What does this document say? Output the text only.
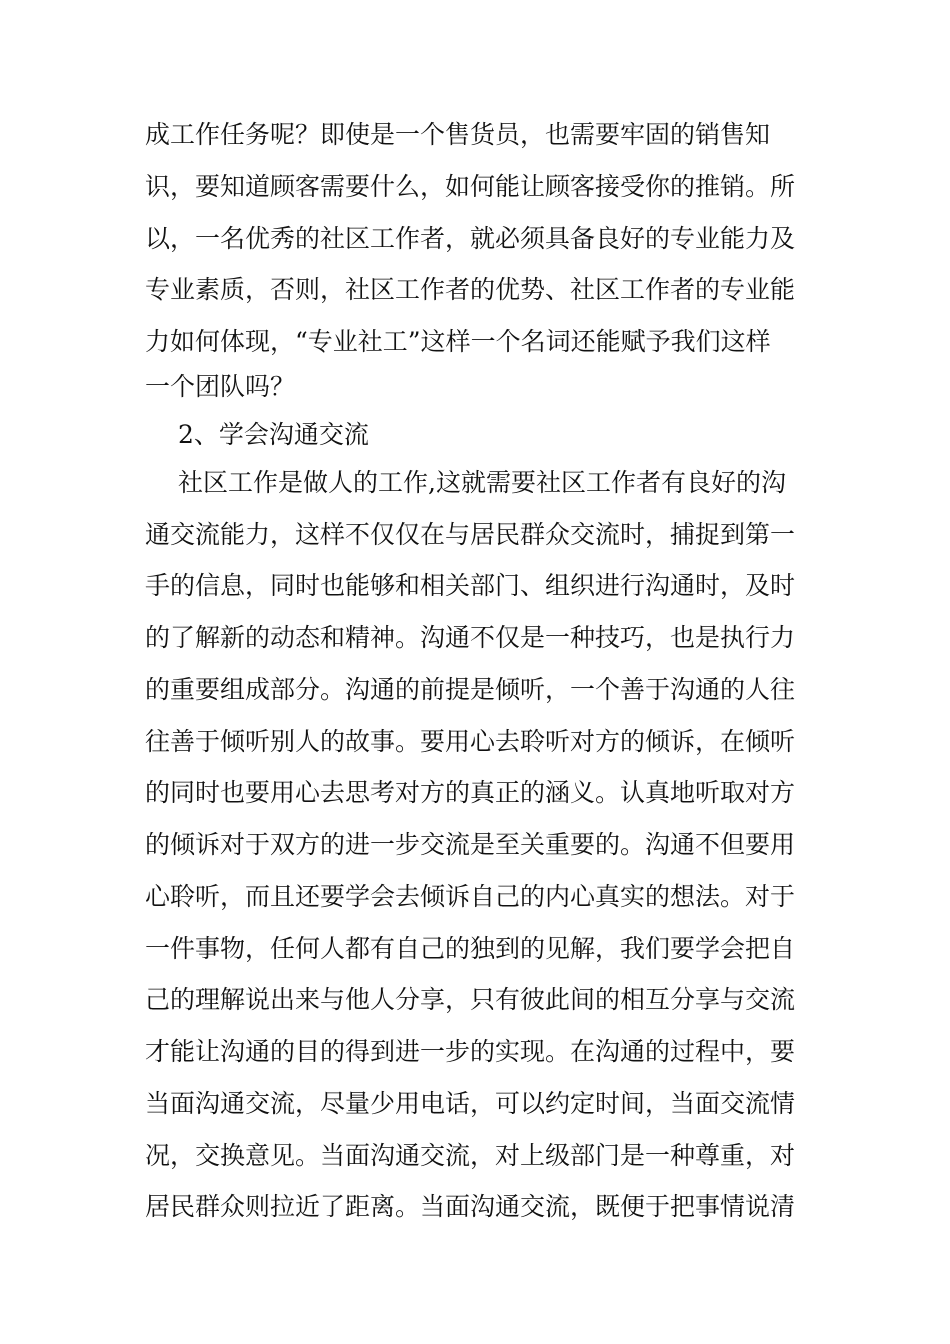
成工作任务呢？即使是一个售货员，也需要牢固的销售知
识，要知道顾客需要什么，如何能让顾客接受你的推销。所
以，一名优秀的社区工作者，就必须具备良好的专业能力及
专业素质，否则，社区工作者的优势、社区工作者的专业能
力如何体现，“专业社工”这样一个名词还能赋予我们这样
一个团队吗？
2、学会沟通交流
社区工作是做人的工作,这就需要社区工作者有良好的沟
通交流能力，这样不仅仅在与居民群众交流时，捕捉到第一
手的信息，同时也能够和相关部门、组织进行沟通时，及时
的了解新的动态和精神。沟通不仅是一种技巧，也是执行力
的重要组成部分。沟通的前提是倾听，一个善于沟通的人往
往善于倾听别人的故事。要用心去聆听对方的倾诉，在倾听
的同时也要用心去思考对方的真正的涵义。认真地听取对方
的倾诉对于双方的进一步交流是至关重要的。沟通不但要用
心聆听，而且还要学会去倾诉自己的内心真实的想法。对于
一件事物，任何人都有自己的独到的见解，我们要学会把自
己的理解说出来与他人分享，只有彼此间的相互分享与交流
才能让沟通的目的得到进一步的实现。在沟通的过程中，要
当面沟通交流，尽量少用电话，可以约定时间，当面交流情
况，交换意见。当面沟通交流，对上级部门是一种尊重，对
居民群众则拉近了距离。当面沟通交流，既便于把事情说清
